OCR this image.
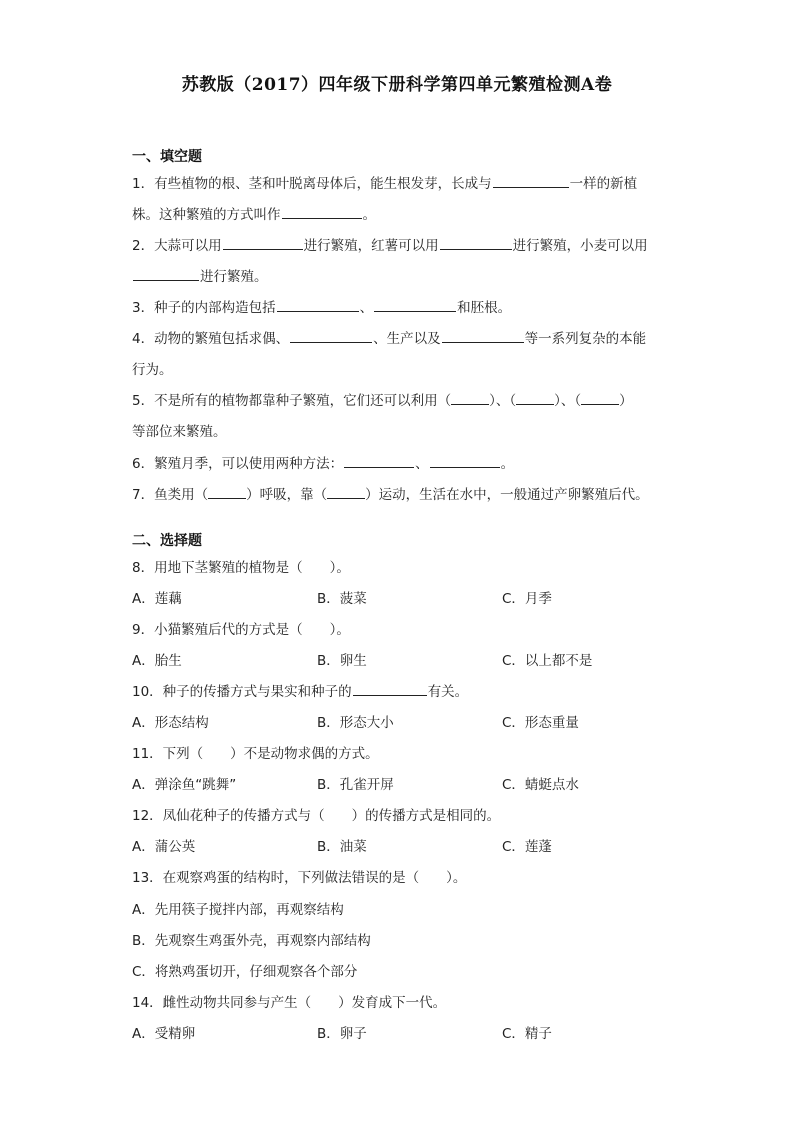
苏教版（2017）四年级下册科学第四单元繁殖检测A卷
一、填空题
1．有些植物的根、茎和叶脱离母体后，能生根发芽，长成与	一样的新植
株。这种繁殖的方式叫作	。
2．大蒜可以用	进行繁殖，红薯可以用	进行繁殖，小麦可以用
进行繁殖。
3．种子的内部构造包括	、	和胚根。
4．动物的繁殖包括求偶、	、生产以及	等一系列复杂的本能
行为。
5．不是所有的植物都靠种子繁殖，它们还可以利用（	）、（	）、（	）
等部位来繁殖。
6．繁殖月季，可以使用两种方法：	、	。
7．鱼类用（	）呼吸，靠（	）运动，生活在水中，一般通过产卵繁殖后代。
二、选择题
8．用地下茎繁殖的植物是（　　）。
A．莲藕	B．菠菜	C．月季
9．小猫繁殖后代的方式是（　　）。
A．胎生	B．卵生	C．以上都不是
10．种子的传播方式与果实和种子的	有关。
A．形态结构	B．形态大小	C．形态重量
11．下列（　　）不是动物求偶的方式。
A．弹涂鱼“跳舞”	B．孔雀开屏	C．蜻蜓点水
12．凤仙花种子的传播方式与（　　）的传播方式是相同的。
A．蒲公英	B．油菜	C．莲蓬
13．在观察鸡蛋的结构时，下列做法错误的是（　　）。
A．先用筷子搅拌内部，再观察结构
B．先观察生鸡蛋外壳，再观察内部结构
C．将熟鸡蛋切开，仔细观察各个部分
14．雌性动物共同参与产生（　　）发育成下一代。
A．受精卵	B．卵子	C．精子
